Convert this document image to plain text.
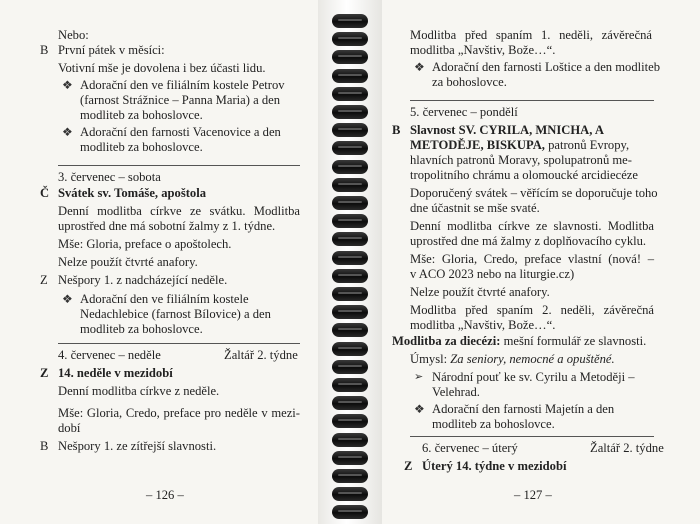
Nebo:
B První pátek v měsíci:
Votivní mše je dovolena i bez účasti lidu.
❖ Adorační den ve filiálním kostele Petrov
(farnost Strážnice – Panna Maria) a den
modliteb za bohoslovce.
❖ Adorační den farnosti Vacenovice a den
modliteb za bohoslovce.
3. červenec – sobota
Č Svátek sv. Tomáše, apoštola
Denní modlitba církve ze svátku. Modlitba
uprostřed dne má sobotní žalmy z 1. týdne.
Mše: Gloria, preface o apoštolech.
Nelze použít čtvrté anafory.
Z Nešpory 1. z nadcházející neděle.
❖ Adorační den ve filiálním kostele
Nedachlebice (farnost Bílovice) a den
modliteb za bohoslovce.
4. červenec – neděle	Žaltář 2. týdne
Z 14. neděle v mezidobí
Denní modlitba církve z neděle.
Mše: Gloria, Credo, preface pro neděle v mezi-
dobí
B Nešpory 1. ze zítřejší slavnosti.
– 126 –
Modlitba před spaním 1. neděli, závěrečná
modlitba „Navštiv, Bože…“.
❖ Adorační den farnosti Loštice a den modliteb
za bohoslovce.
5. červenec – pondělí
B Slavnost SV. CYRILA, MNICHA, A
METODĚJE, BISKUPA, patronů Evropy,
hlavních patronů Moravy, spolupatronů me-
tropolitního chrámu a olomoucké arcidiecéze
Doporučený svátek – věřícím se doporučuje toho
dne účastnit se mše svaté.
Denní modlitba církve ze slavnosti. Modlitba
uprostřed dne má žalmy z doplňovacího cyklu.
Mše: Gloria, Credo, preface vlastní (nová! –
v ACO 2023 nebo na liturgie.cz)
Nelze použít čtvrté anafory.
Modlitba před spaním 2. neděli, závěrečná
modlitba „Navštiv, Bože…“.
Modlitba za diecézi: mešní formulář ze slavnosti.
Úmysl: Za seniory, nemocné a opuštěné.
➢ Národní pouť ke sv. Cyrilu a Metoději –
Velehrad.
❖ Adorační den farnosti Majetín a den
modliteb za bohoslovce.
6. červenec – úterý	Žaltář 2. týdne
Z Úterý 14. týdne v mezidobí
– 127 –
